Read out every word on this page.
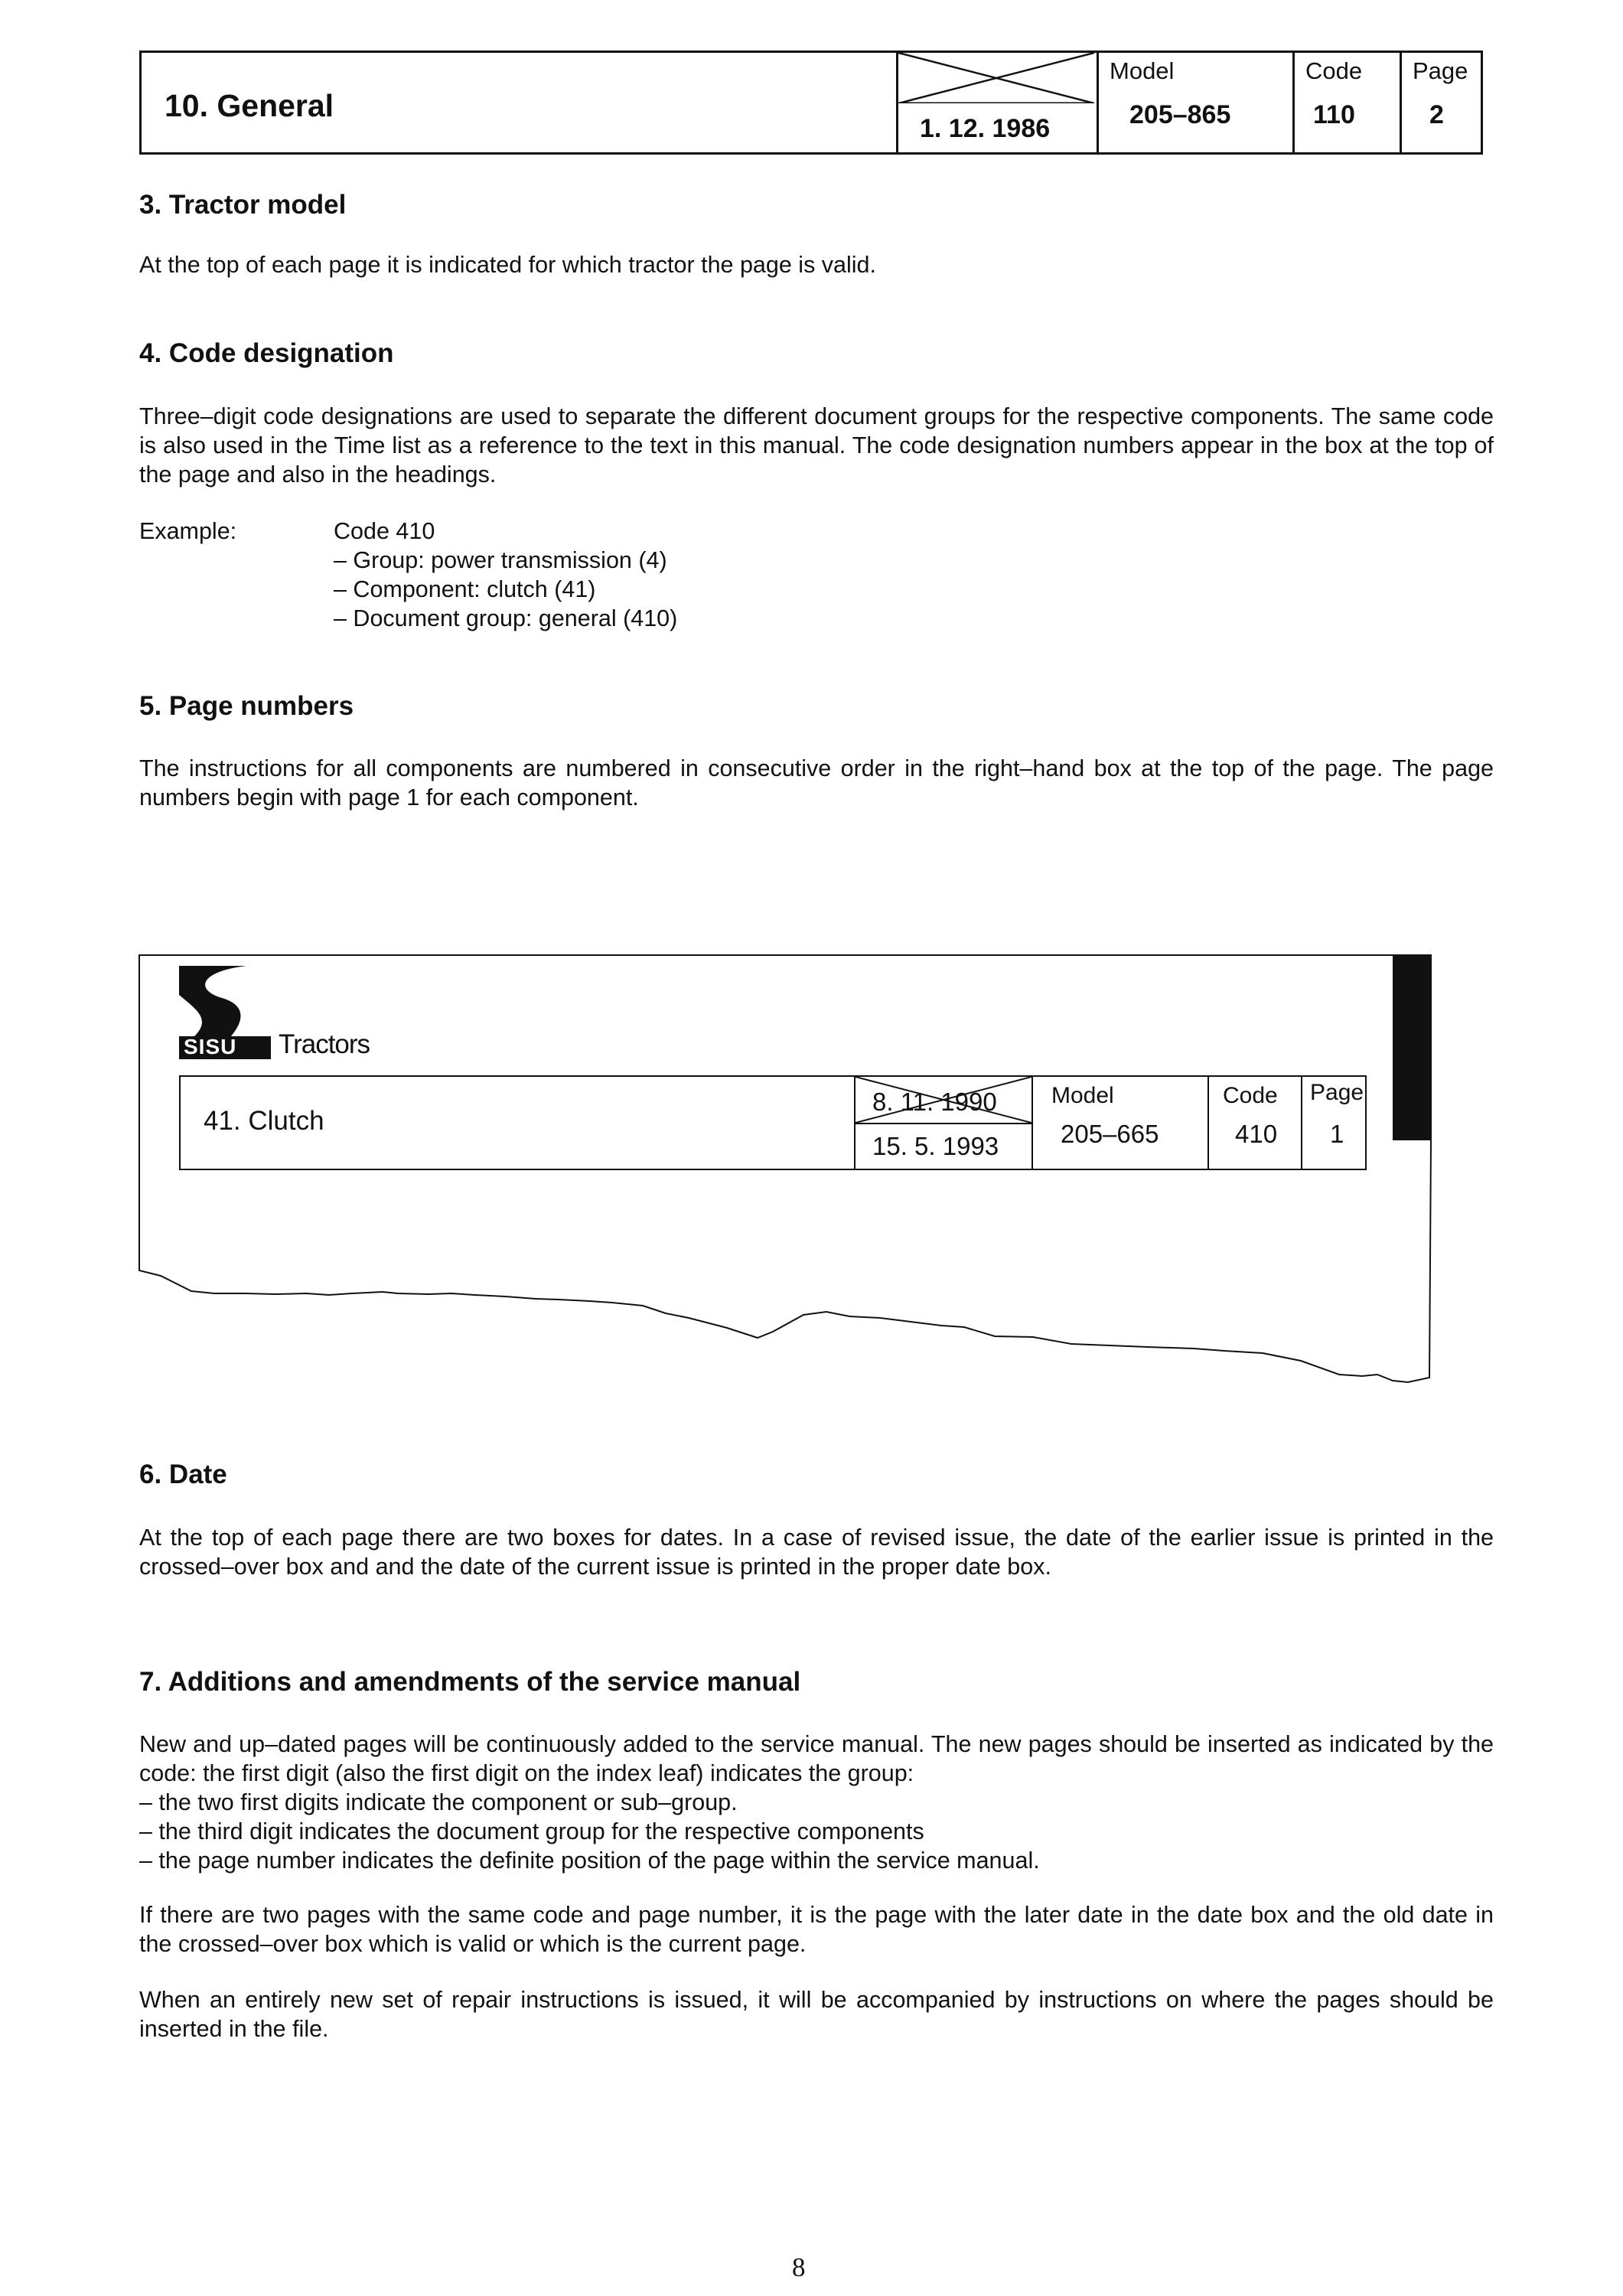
10. General
1. 12. 1986
Model
205–865
Code
110
Page
2
3. Tractor model

At the top of each page it is indicated for which tractor the page is valid.

4. Code designation

Three–digit code designations are used to separate the different document groups for the respective components. The same code is also used in the Time list as a reference to the text in this manual. The code designation numbers appear in the box at the top of the page and also in the headings.

Example:	Code 410

– Group: power transmission (4)

– Component: clutch (41)

– Document group: general (410)

5. Page numbers

The instructions for all components are numbered in consecutive order in the right–hand box at the top of the page. The page numbers begin with page 1 for each component.

SISU Tractors
41. Clutch
8. 11. 1990
15. 5. 1993
Model
205–665
Code
410
Page
1
6. Date

At the top of each page there are two boxes for dates. In a case of revised issue, the date of the earlier issue is printed in the crossed–over box and and the date of the current issue is printed in the proper date box.

7. Additions and amendments of the service manual

New and up–dated pages will be continuously added to the service manual. The new pages should be inserted as indicated by the code: the first digit (also the first digit on the index leaf) indicates the group:

– the two first digits indicate the component or sub–group.

– the third digit indicates the document group for the respective components

– the page number indicates the definite position of the page within the service manual.

If there are two pages with the same code and page number, it is the page with the later date in the date box and the old date in the crossed–over box which is valid or which is the current page.

When an entirely new set of repair instructions is issued, it will be accompanied by instructions on where the pages should be inserted in the file.

8
